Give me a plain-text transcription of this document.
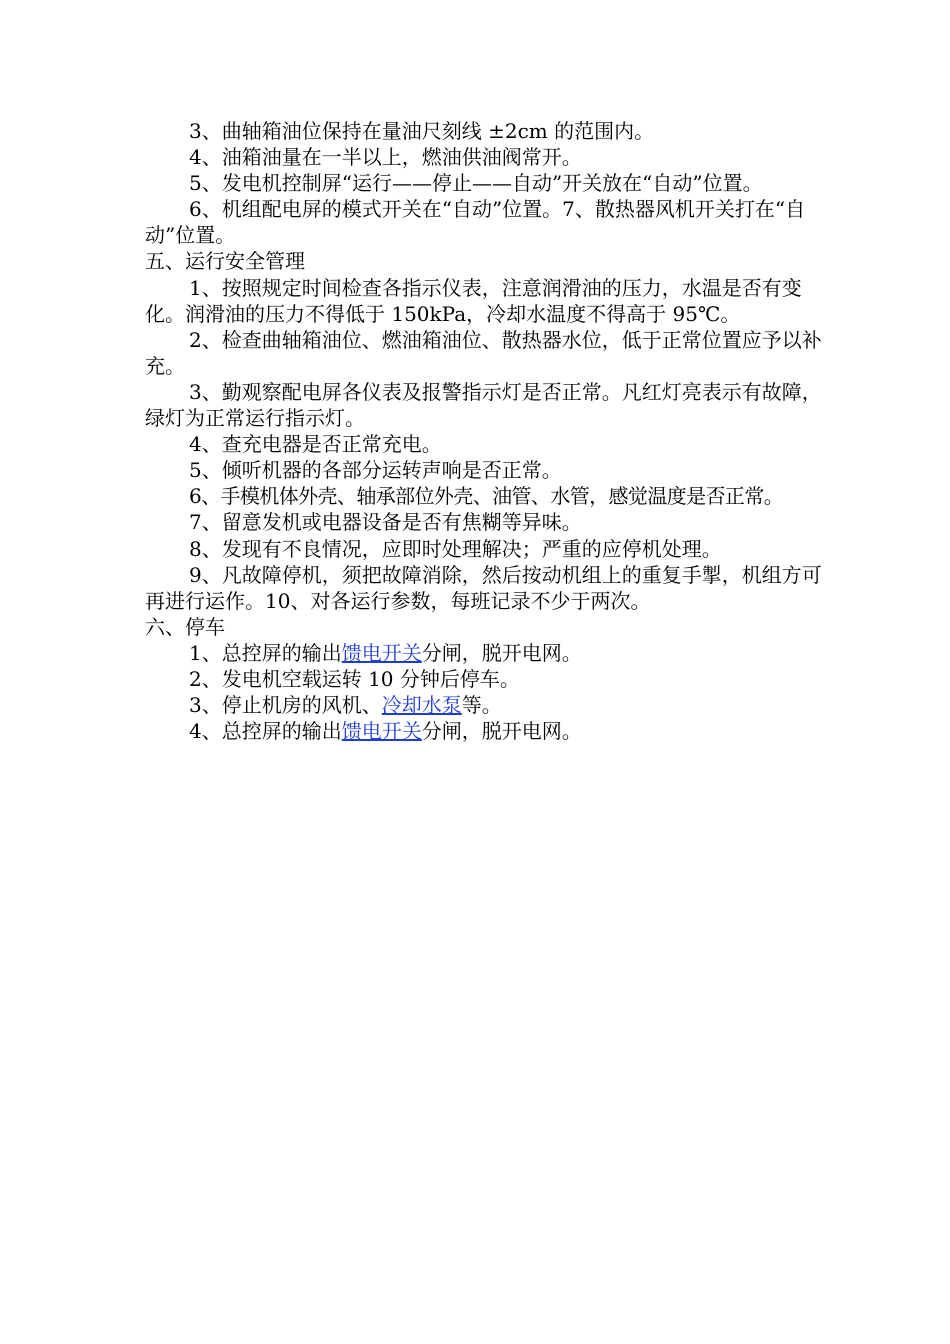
3、曲轴箱油位保持在量油尺刻线 ±2cm 的范围内。

4、油箱油量在一半以上，燃油供油阀常开。

5、发电机控制屏“运行——停止——自动”开关放在“自动”位置。

6、机组配电屏的模式开关在“自动”位置。7、散热器风机开关打在“自动”位置。

五、运行安全管理

1、按照规定时间检查各指示仪表，注意润滑油的压力，水温是否有变化。润滑油的压力不得低于 150kPa，冷却水温度不得高于 95℃。

2、检查曲轴箱油位、燃油箱油位、散热器水位，低于正常位置应予以补充。

3、勤观察配电屏各仪表及报警指示灯是否正常。凡红灯亮表示有故障，绿灯为正常运行指示灯。

4、查充电器是否正常充电。

5、倾听机器的各部分运转声响是否正常。

6、手模机体外壳、轴承部位外壳、油管、水管，感觉温度是否正常。

7、留意发机或电器设备是否有焦糊等异味。

8、发现有不良情况，应即时处理解决；严重的应停机处理。

9、凡故障停机，须把故障消除，然后按动机组上的重复手掣，机组方可再进行运作。10、对各运行参数，每班记录不少于两次。

六、停车

1、总控屏的输出馈电开关分闸，脱开电网。

2、发电机空载运转 10 分钟后停车。

3、停止机房的风机、冷却水泵等。

4、总控屏的输出馈电开关分闸，脱开电网。
